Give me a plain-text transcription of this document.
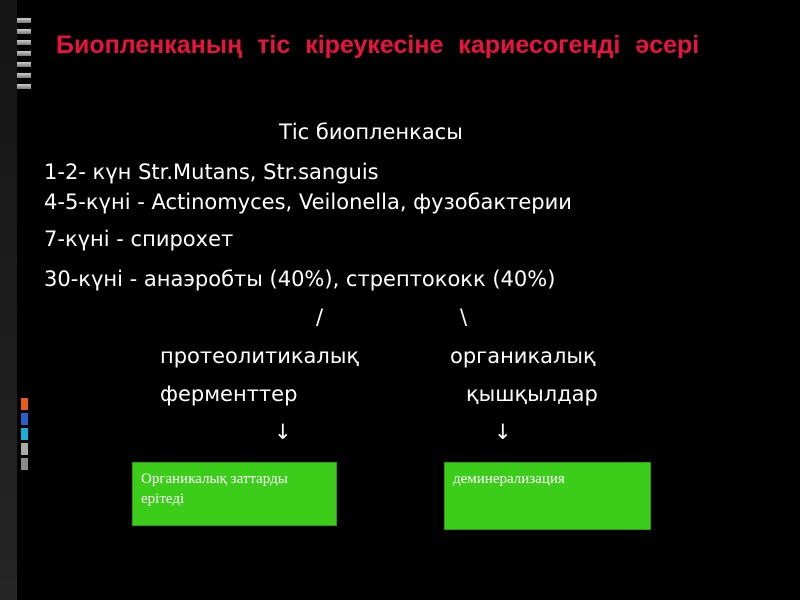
Биопленканың тіс кіреукесіне кариесогенді әсері
Тіс биопленкасы
1-2- күн Str.Mutans, Str.sanguis
4-5-күні - Actinomyces, Veilonella, фузобактерии
7-күні - спирохет
30-күні - анаэробты (40%), стрептококк (40%)
/	\
протеолитикалық	органикалық
ферменттер	қышқылдар
↓	↓
Органикалық заттарды ерітеді
деминерализация
